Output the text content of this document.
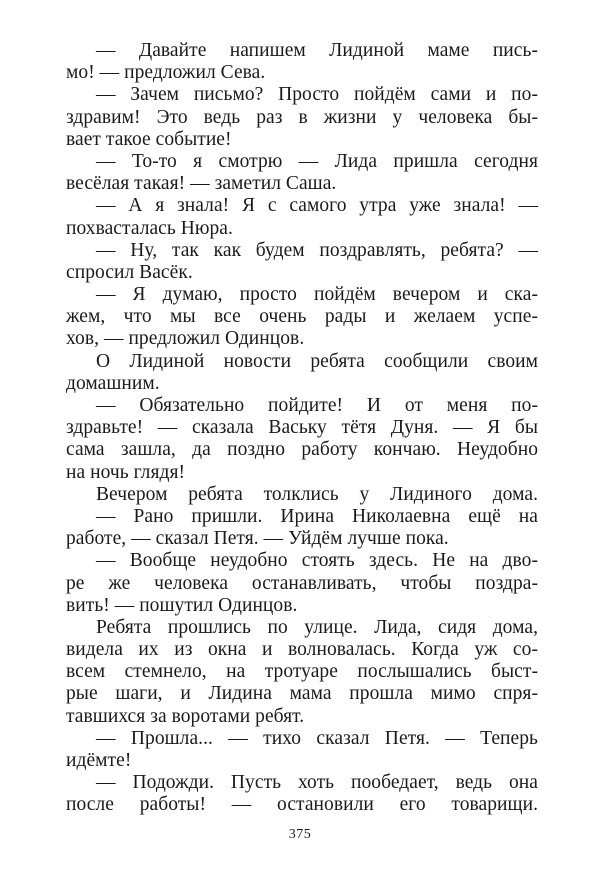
— Давайте напишем Лидиной маме пись-
мо! — предложил Сева.
— Зачем письмо? Просто пойдём сами и по-
здравим! Это ведь раз в жизни у человека бы-
вает такое событие!
— То-то я смотрю — Лида пришла сегодня
весёлая такая! — заметил Саша.
— А я знала! Я с самого утра уже знала! —
похвасталась Нюра.
— Ну, так как будем поздравлять, ребята? —
спросил Васёк.
— Я думаю, просто пойдём вечером и ска-
жем, что мы все очень рады и желаем успе-
хов, — предложил Одинцов.
О Лидиной новости ребята сообщили своим
домашним.
— Обязательно пойдите! И от меня по-
здравьте! — сказала Ваську тётя Дуня. — Я бы
сама зашла, да поздно работу кончаю. Неудобно
на ночь глядя!
Вечером ребята толклись у Лидиного дома.
— Рано пришли. Ирина Николаевна ещё на
работе, — сказал Петя. — Уйдём лучше пока.
— Вообще неудобно стоять здесь. Не на дво-
ре же человека останавливать, чтобы поздра-
вить! — пошутил Одинцов.
Ребята прошлись по улице. Лида, сидя дома,
видела их из окна и волновалась. Когда уж со-
всем стемнело, на тротуаре послышались быст-
рые шаги, и Лидина мама прошла мимо спря-
тавшихся за воротами ребят.
— Прошла... — тихо сказал Петя. — Теперь
идёмте!
— Подожди. Пусть хоть пообедает, ведь она
после работы! — остановили его товарищи.
375
